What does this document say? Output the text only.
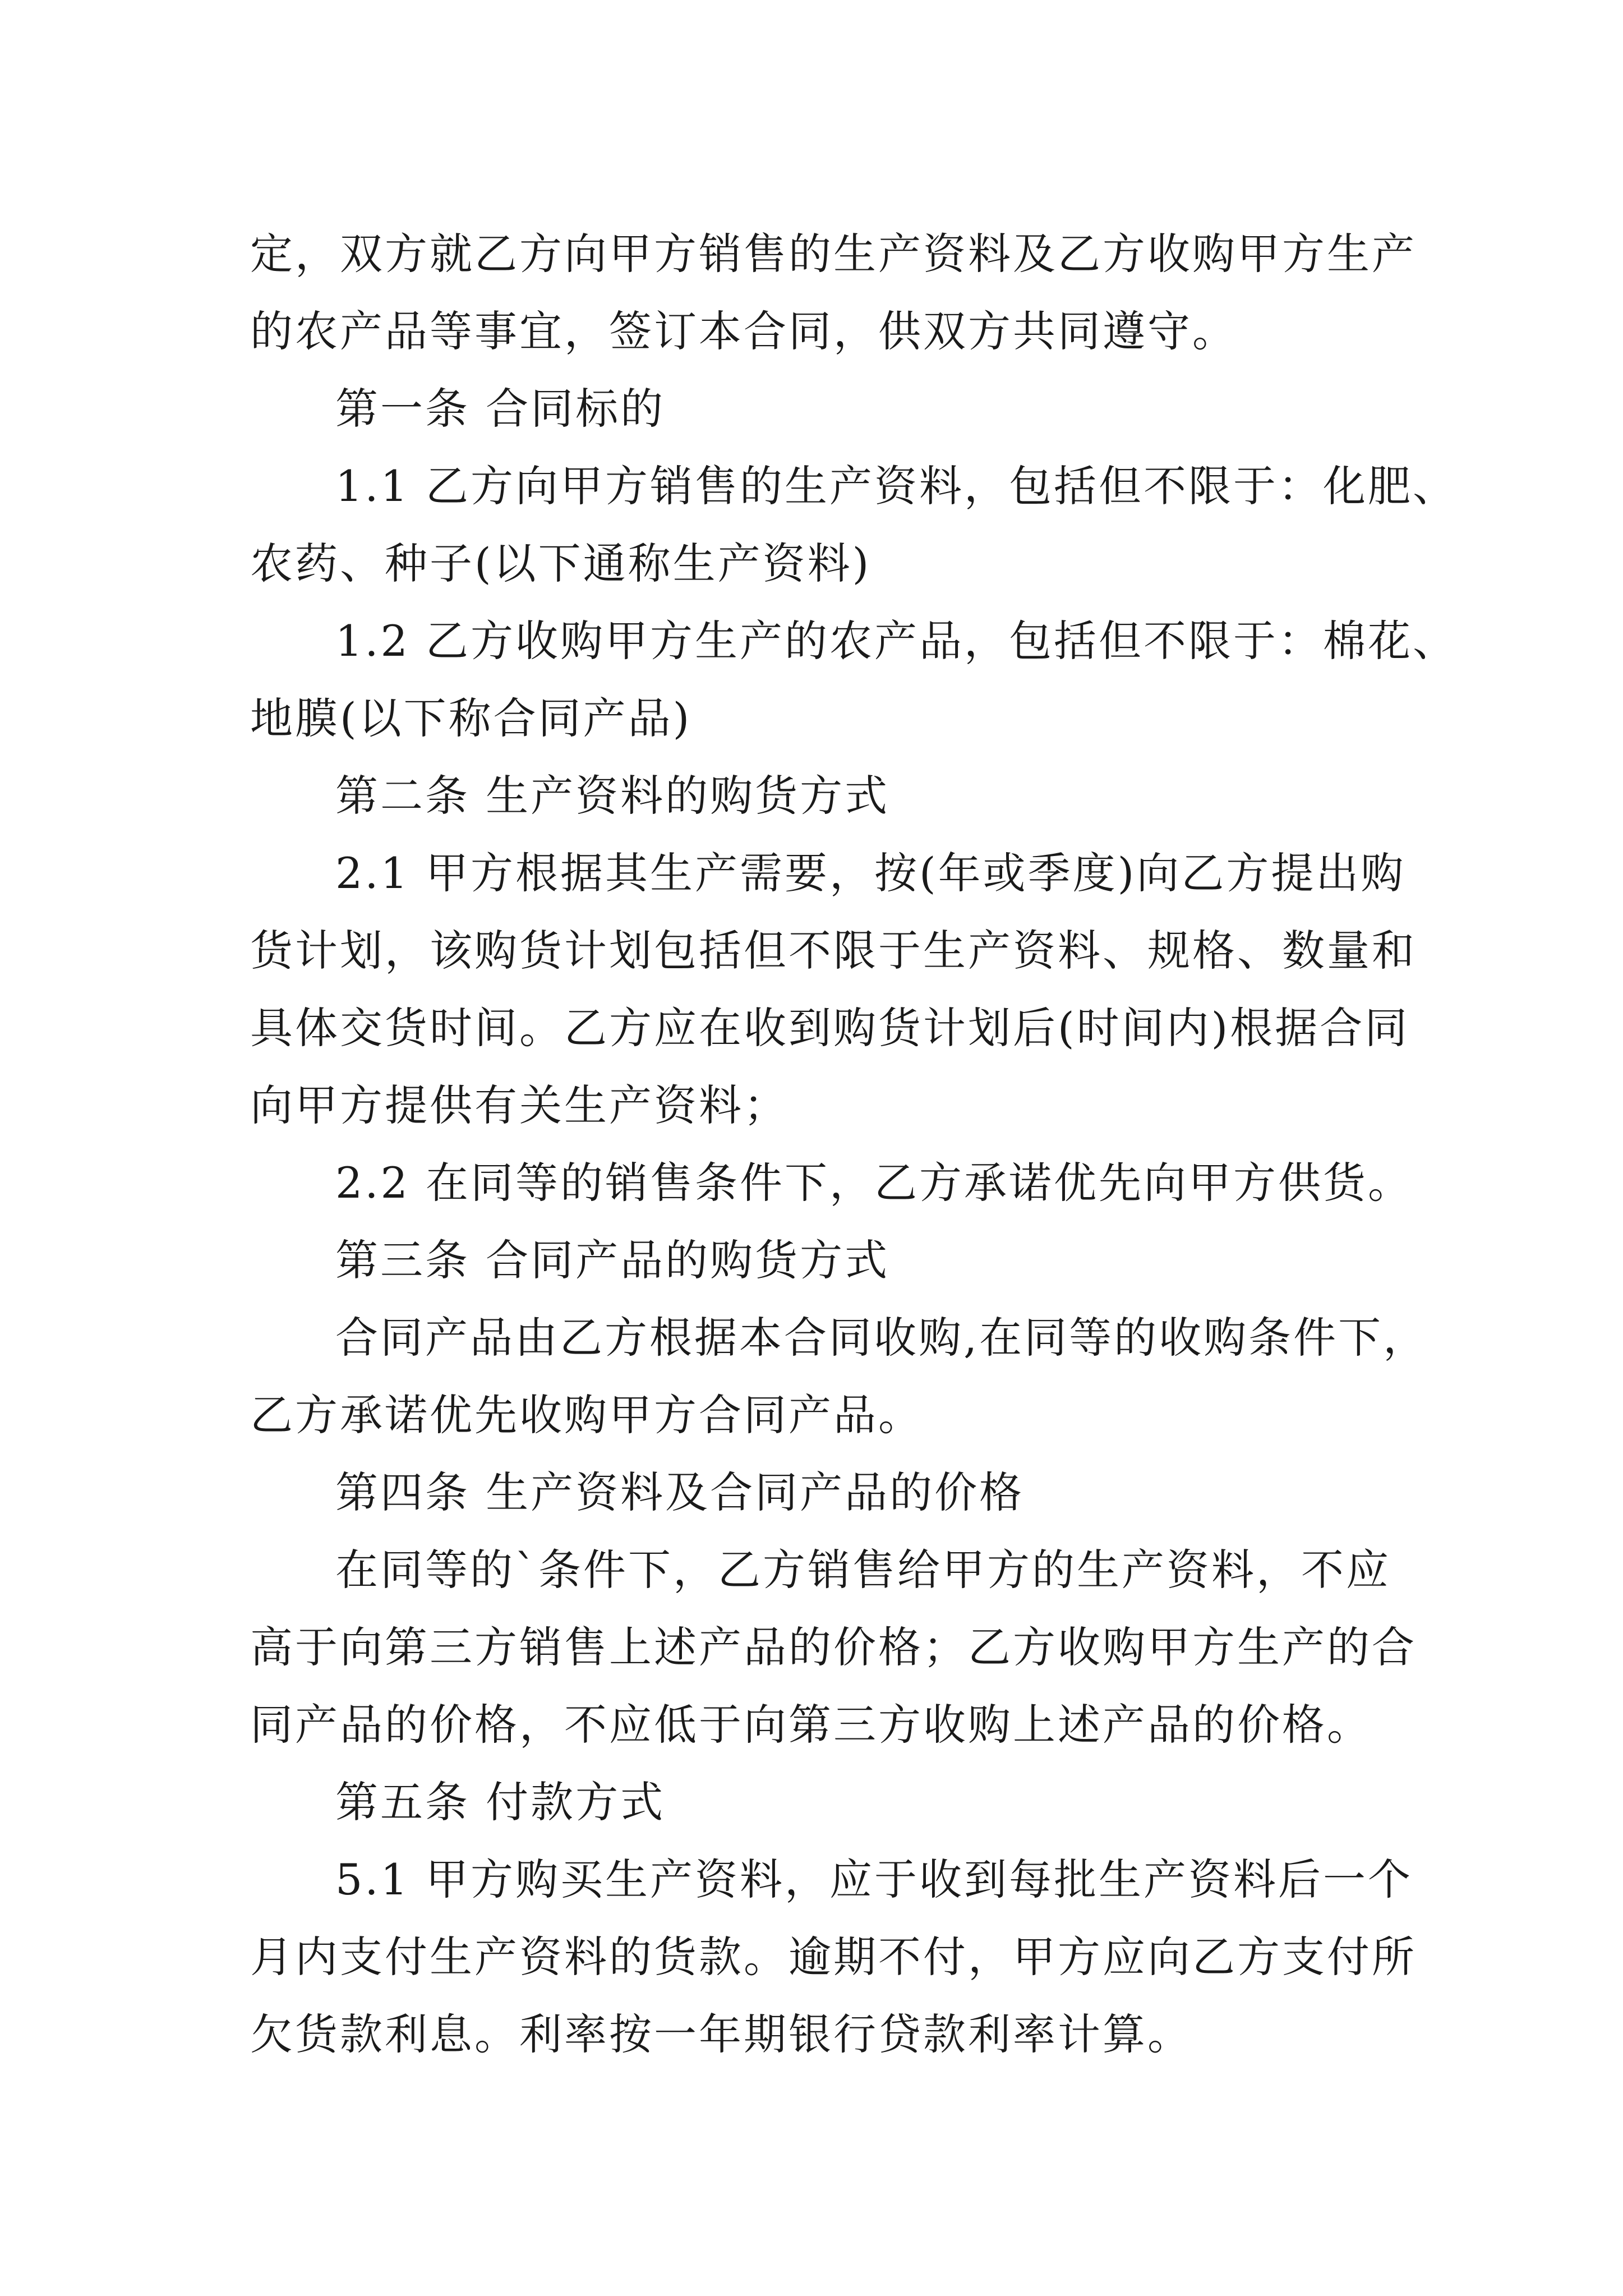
定，双方就乙方向甲方销售的生产资料及乙方收购甲方生产

的农产品等事宜，签订本合同，供双方共同遵守。

第一条 合同标的

1.1 乙方向甲方销售的生产资料，包括但不限于：化肥、

农药、种子(以下通称生产资料)

1.2 乙方收购甲方生产的农产品，包括但不限于：棉花、

地膜(以下称合同产品)

第二条 生产资料的购货方式

2.1 甲方根据其生产需要，按(年或季度)向乙方提出购

货计划，该购货计划包括但不限于生产资料、规格、数量和

具体交货时间。乙方应在收到购货计划后(时间内)根据合同

向甲方提供有关生产资料；

2.2 在同等的销售条件下，乙方承诺优先向甲方供货。

第三条 合同产品的购货方式

合同产品由乙方根据本合同收购,在同等的收购条件下，

乙方承诺优先收购甲方合同产品。

第四条 生产资料及合同产品的价格

在同等的`条件下，乙方销售给甲方的生产资料，不应

高于向第三方销售上述产品的价格；乙方收购甲方生产的合

同产品的价格，不应低于向第三方收购上述产品的价格。

第五条 付款方式

5.1 甲方购买生产资料，应于收到每批生产资料后一个

月内支付生产资料的货款。逾期不付，甲方应向乙方支付所

欠货款利息。利率按一年期银行贷款利率计算。
